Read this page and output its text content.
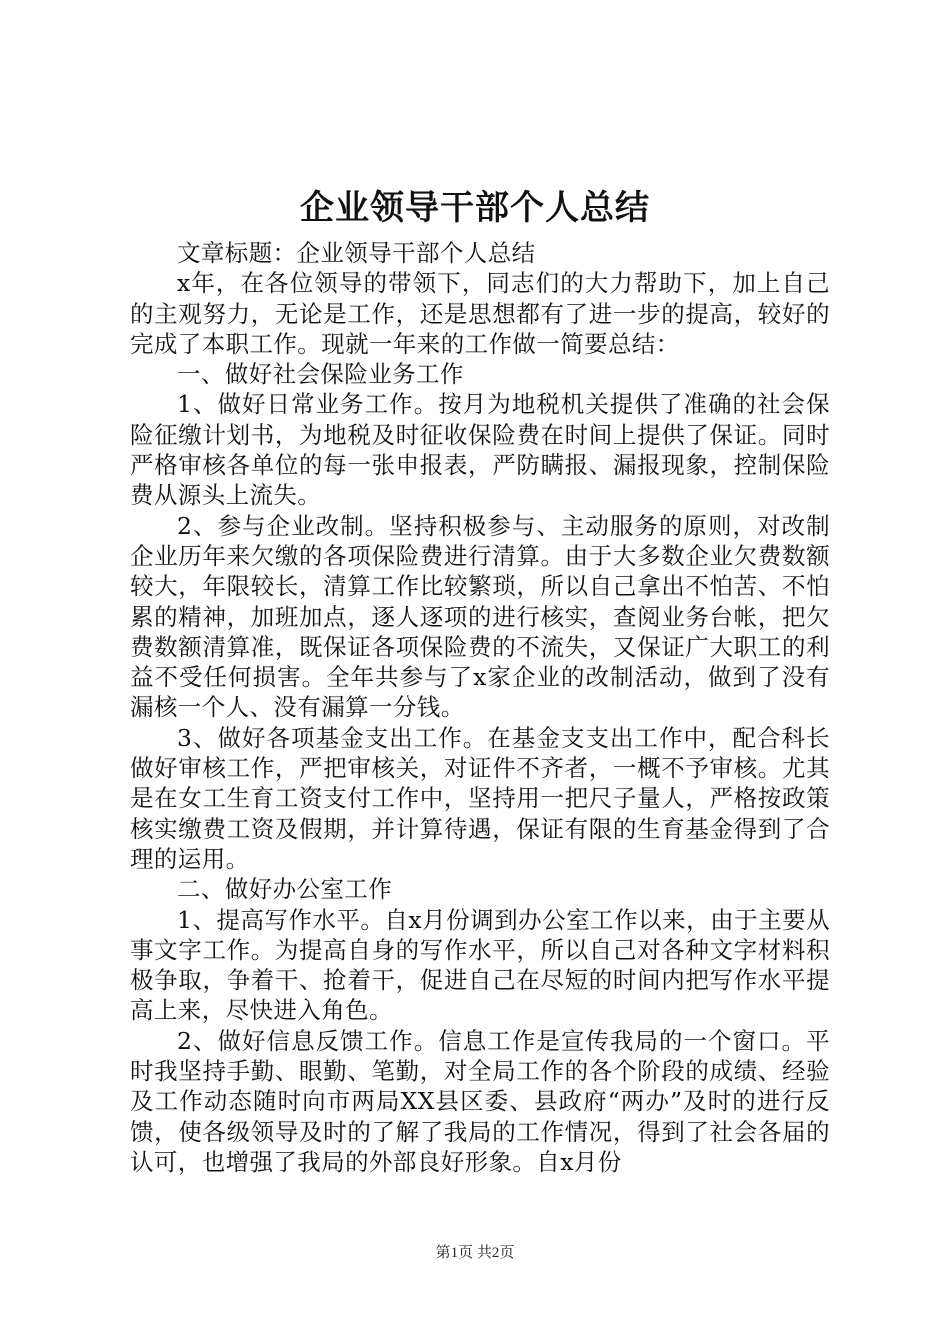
企业领导干部个人总结

文章标题：企业领导干部个人总结

x年，在各位领导的带领下，同志们的大力帮助下，加上自己的主观努力，无论是工作，还是思想都有了进一步的提高，较好的完成了本职工作。现就一年来的工作做一简要总结：

一、做好社会保险业务工作

1、做好日常业务工作。按月为地税机关提供了准确的社会保险征缴计划书，为地税及时征收保险费在时间上提供了保证。同时严格审核各单位的每一张申报表，严防瞒报、漏报现象，控制保险费从源头上流失。

2、参与企业改制。坚持积极参与、主动服务的原则，对改制企业历年来欠缴的各项保险费进行清算。由于大多数企业欠费数额较大，年限较长，清算工作比较繁琐，所以自己拿出不怕苦、不怕累的精神，加班加点，逐人逐项的进行核实，查阅业务台帐，把欠费数额清算准，既保证各项保险费的不流失，又保证广大职工的利益不受任何损害。全年共参与了x家企业的改制活动，做到了没有漏核一个人、没有漏算一分钱。

3、做好各项基金支出工作。在基金支支出工作中，配合科长做好审核工作，严把审核关，对证件不齐者，一概不予审核。尤其是在女工生育工资支付工作中，坚持用一把尺子量人，严格按政策核实缴费工资及假期，并计算待遇，保证有限的生育基金得到了合理的运用。

二、做好办公室工作

1、提高写作水平。自x月份调到办公室工作以来，由于主要从事文字工作。为提高自身的写作水平，所以自己对各种文字材料积极争取，争着干、抢着干，促进自己在尽短的时间内把写作水平提高上来，尽快进入角色。

2、做好信息反馈工作。信息工作是宣传我局的一个窗口。平时我坚持手勤、眼勤、笔勤，对全局工作的各个阶段的成绩、经验及工作动态随时向市两局XX县区委、县政府“两办”及时的进行反馈，使各级领导及时的了解了我局的工作情况，得到了社会各届的认可，也增强了我局的外部良好形象。自x月份

第1页 共2页
